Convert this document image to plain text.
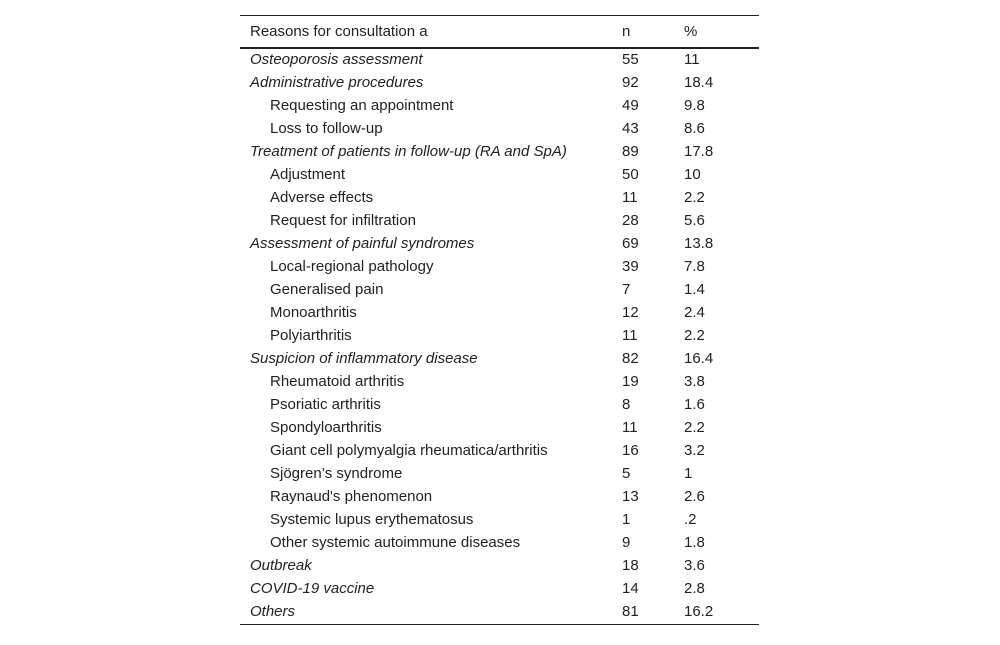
Reasons for consultation a	n	%
Osteoporosis assessment	55	11
Administrative procedures	92	18.4
Requesting an appointment	49	9.8
Loss to follow-up	43	8.6
Treatment of patients in follow-up (RA and SpA)	89	17.8
Adjustment	50	10
Adverse effects	11	2.2
Request for infiltration	28	5.6
Assessment of painful syndromes	69	13.8
Local-regional pathology	39	7.8
Generalised pain	7	1.4
Monoarthritis	12	2.4
Polyiarthritis	11	2.2
Suspicion of inflammatory disease	82	16.4
Rheumatoid arthritis	19	3.8
Psoriatic arthritis	8	1.6
Spondyloarthritis	11	2.2
Giant cell polymyalgia rheumatica/arthritis	16	3.2
Sjögren’s syndrome	5	1
Raynaud's phenomenon	13	2.6
Systemic lupus erythematosus	1	.2
Other systemic autoimmune diseases	9	1.8
Outbreak	18	3.6
COVID-19 vaccine	14	2.8
Others	81	16.2
